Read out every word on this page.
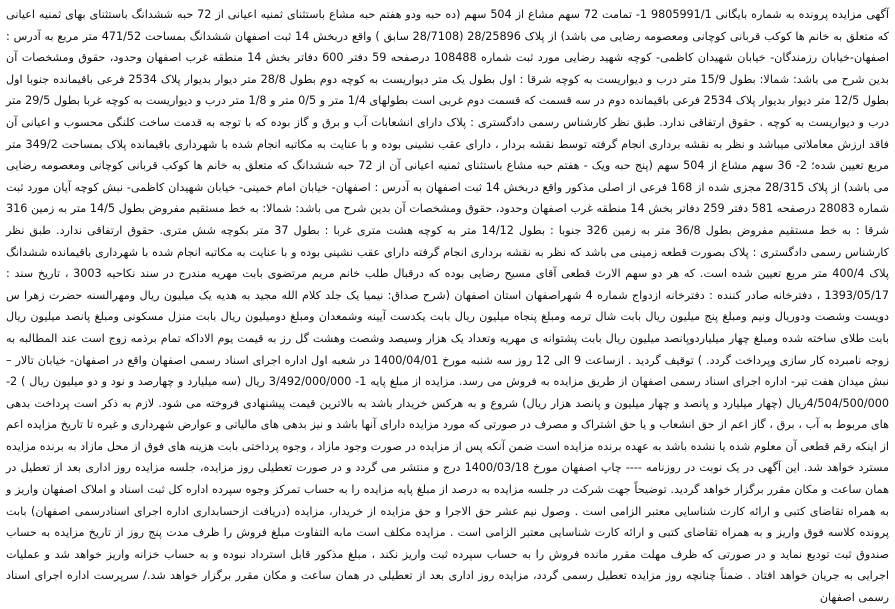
آگهی مزایده پرونده به شماره بایگانی 9805991/1 1- تمامت 72 سهم مشاع از 504 سهم (ده حبه ودو هفتم حبه مشاع باستثنای ثمنیه اعیانی از 72 حبه ششدانگ باستثنای بهای ثمنیه اعیانی که متعلق به خانم ها کوکب قربانی کوچانی ومعصومه رضایی می باشد) از پلاک 28/25896 (28/7108 سابق ) واقع دربخش 14 ثبت اصفهان ششدانگ بمساحت 471/52 متر مربع به آدرس : اصفهان-خیابان رزمندگان- خیابان شهیدان کاظمی- کوچه شهید رضایی مورد ثبت شماره 108488 درصفحه 59 دفتر 600 دفاتر بخش 14 منطقه غرب اصفهان وحدود، حقوق ومشخصات آن بدین شرح می باشد: شمالا: بطول 15/9 متر درب و دیواریست به کوچه شرقا : اول بطول یک متر دیواریست به کوچه دوم بطول 28/8 متر دیوار بدیوار پلاک 2534 فرعی باقیمانده جنوبا اول بطول 12/5 متر دیوار بدیوار پلاک 2534 فرعی باقیمانده دوم در سه قسمت که قسمت دوم غربی است بطولهای 1/4 متر و 0/5 متر و 1/8 متر درب و دیواریست به کوچه غربا بطول 29/5 متر درب و دیواریست به کوچه . حقوق ارتفاقی ندارد. طبق نظر کارشناس رسمی دادگستری : پلاک دارای انشعابات آب و برق و گاز بوده که با توجه به قدمت ساخت کلنگی محسوب و اعیانی آن فاقد ارزش معاملاتی میباشد و نظر به نقشه برداری انجام گرفته توسط نقشه بردار ، دارای عقب نشینی بوده و با عنایت به مکاتبه انجام شده با شهرداری باقیمانده پلاک بمساحت 349/2 متر مربع تعیین شده؛ 2- 36 سهم مشاع از 504 سهم (پنج حبه ویک - هفتم حبه مشاع باستثنای ثمنیه اعیانی آن از 72 حبه ششدانگ که متعلق به خانم ها کوکب قربانی کوچانی ومعصومه رضایی می باشد) از پلاک 28/315 مجزی شده از 168 فرعی از اصلی مذکور واقع دربخش 14 ثبت اصفهان به آدرس : اصفهان- خیابان امام خمینی- خیابان شهیدان کاظمی- نبش کوچه آیان مورد ثبت شماره 28083 درصفحه 581 دفتر 259 دفاتر بخش 14 منطقه غرب اصفهان وحدود، حقوق ومشخصات آن بدین شرح می باشد: شمالا: به خط مستقیم مفروض بطول 14/5 متر به زمین 316 شرقا : به خط مستقیم مفروض بطول 36/8 متر به زمین 326 جنوبا : بطول 14/12 متر به کوچه هشت متری غربا : بطول 37 متر بکوچه شش متری. حقوق ارتفاقی ندارد. طبق نظر کارشناس رسمی دادگستری : پلاک بصورت قطعه زمینی می باشد که نظر به نقشه برداری انجام گرفته دارای عقب نشینی بوده و با عنایت به مکاتبه انجام شده با شهرداری باقیمانده ششدانگ پلاک 400/4 متر مربع تعیین شده است. که هر دو سهم الارث قطعی آقای مسیح رضایی بوده که درقبال طلب خانم مریم مرتضوی بابت مهریه مندرج در سند نکاحیه 3003 ، تاریخ سند : 1393/05/17 ، دفترخانه صادر کننده : دفترخانه ازدواج شماره 4 شهراصفهان استان اصفهان (شرح صداق: نیمیا یک جلد کلام الله مجید به هدیه یک میلیون ریال ومهرالسنه حضرت زهرا س دویست وشصت ودوریال ونیم ومبلغ پنج میلیون ریال بابت شال ترمه ومبلغ پنجاه میلیون ریال بابت یکدست آیینه وشمعدان ومبلغ دومیلیون ریال بابت منزل مسکونی ومبلغ پانصد میلیون ریال بابت طلای ساخته شده ومبلغ چهار میلیاردوپانصد میلیون ریال بابت پشتوانه ی مهریه وتعداد یک هزار وسیصد وشصت وهشت گل رز به قیمت یوم الاداکه تمام برذمه زوج است عند المطالبه به زوجه نامبرده کار سازی وپرداخت گردد. ) توقیف گردید . ازساعت 9 الی 12 روز سه شنبه مورخ 1400/04/01 در شعبه اول اداره اجرای اسناد رسمی اصفهان واقع در اصفهان- خیابان تالار –نبش میدان هفت تیر- اداره اجرای اسناد رسمی اصفهان از طریق مزایده به فروش می رسد. مزایده از مبلغ پایه 1- 3/492/000/000 ریال (سه میلیارد و چهارصد و نود و دو میلیون ریال ) 2- 4/504/500/000ریال (چهار میلیارد و پانصد و چهار میلیون و پانصد هزار ریال) شروع و به هرکس خریدار باشد به بالاترین قیمت پیشنهادی فروخته می شود. لازم به ذکر است پرداخت بدهی های مربوط به آب ، برق ، گاز اعم از حق انشعاب و یا حق اشتراک و مصرف در صورتی که مورد مزایده دارای آنها باشد و نیز بدهی های مالیاتی و عوارض شهرداری و غیره تا تاریخ مزایده اعم از اینکه رقم قطعی آن معلوم شده یا نشده باشد به عهده برنده مزایده است ضمن آنکه پس از مزایده در صورت وجود مازاد ، وجوه پرداختی بابت هزینه های فوق از محل مازاد به برنده مزایده مسترد خواهد شد. این آگهی در یک نوبت در روزنامه ---- چاپ اصفهان مورخ 1400/03/18 درج و منتشر می گردد و در صورت تعطیلی روز مزایده، جلسه مزایده روز اداری بعد از تعطیل در همان ساعت و مکان مقرر برگزار خواهد گردید. توضیحاً جهت شرکت در جلسه مزایده به درصد از مبلغ پایه مزایده را به حساب تمرکز وجوه سپرده اداره کل ثبت اسناد و املاک اصفهان واریز و به همراه تقاضای کتبی و ارائه کارت شناسایی معتبر الزامی است . وصول نیم عشر حق الاجرا و حق مزایده از خریدار، مزایده (دریافت ازحسابداری اداره اجرای اسنادرسمی اصفهان) بابت پرونده کلاسه فوق واریز و به همراه تقاضای کتبی و ارائه کارت شناسایی معتبر الزامی است . مزایده مکلف است مابه التفاوت مبلغ فروش را ظرف مدت پنج روز از تاریخ مزایده به حساب صندوق ثبت تودیع نماید و در صورتی که ظرف مهلت مقرر مانده فروش را به حساب سپرده ثبت واریز نکند ، مبلغ مذکور قابل استرداد نبوده و به حساب خزانه واریز خواهد شد و عملیات اجرایی به جریان خواهد افتاد . ضمناً چنانچه روز مزایده تعطیل رسمی گردد، مزایده روز اداری بعد از تعطیلی در همان ساعت و مکان مقرر برگزار خواهد شد./ سرپرست اداره اجرای اسناد رسمی اصفهان
